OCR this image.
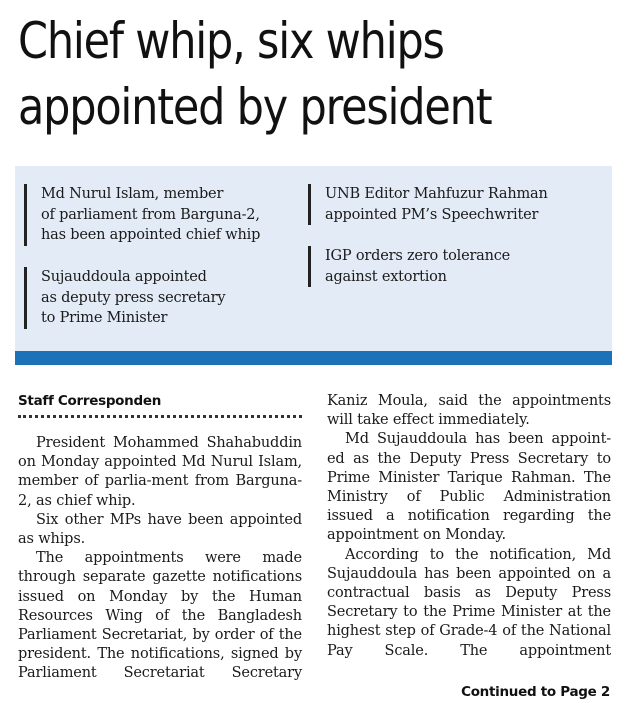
Chief whip, six whips
appointed by president
Md Nurul Islam, member
of parliament from Barguna-2,
has been appointed chief whip
Sujauddoula appointed
as deputy press secretary
to Prime Minister
UNB Editor Mahfuzur Rahman
appointed PM’s Speechwriter
IGP orders zero tolerance
against extortion
Staff Corresponden

President Mohammed Shahabuddin on Monday appointed Md Nurul Islam, member of parlia-ment from Barguna-2, as chief whip.

Six other MPs have been appointed as whips.

The appointments were made through separate gazette notifications issued on Monday by the Human Resources Wing of the Bangladesh Parliament Secretariat, by order of the president. The notifications, signed by Parliament Secretariat Secretary

Kaniz Moula, said the appointments will take effect immediately.

Md Sujauddoula has been appoint-ed as the Deputy Press Secretary to Prime Minister Tarique Rahman. The Ministry of Public Administration issued a notification regarding the appointment on Monday.

According to the notification, Md Sujauddoula has been appointed on a contractual basis as Deputy Press Secretary to the Prime Minister at the highest step of Grade-4 of the National Pay Scale. The appointment

Continued to Page 2
